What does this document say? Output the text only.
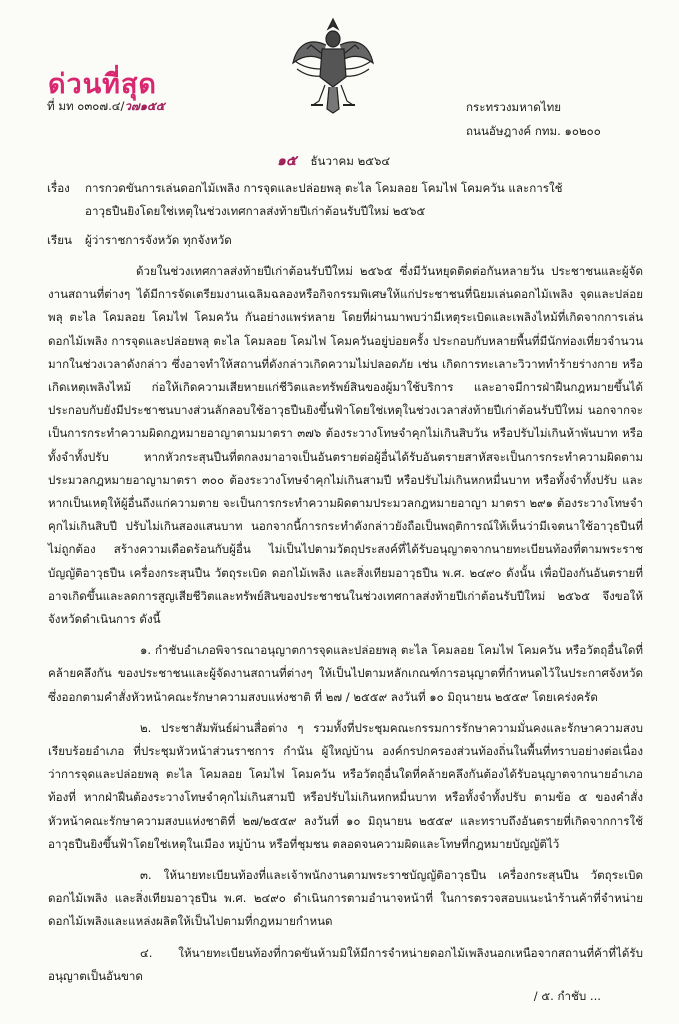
ด่วนที่สุด
ที่ มท ๐๓๐๗.๔/ว๗๑๕๕	กระทรวงมหาดไทย
ถนนอัษฎางค์ กทม. ๑๐๒๐๐
๑๕ ธันวาคม ๒๕๖๔
เรื่อง การกวดขันการเล่นดอกไม้เพลิง การจุดและปล่อยพลุ ตะไล โคมลอย โคมไฟ โคมควัน และการใช้
อาวุธปืนยิงโดยใช่เหตุในช่วงเทศกาลส่งท้ายปีเก่าต้อนรับปีใหม่ ๒๕๖๕
เรียน ผู้ว่าราชการจังหวัด ทุกจังหวัด
ด้วยในช่วงเทศกาลส่งท้ายปีเก่าต้อนรับปีใหม่ ๒๕๖๕ ซึ่งมีวันหยุดติดต่อกันหลายวัน ประชาชนและผู้จัดงานสถานที่ต่างๆ ได้มีการจัดเตรียมงานเฉลิมฉลองหรือกิจกรรมพิเศษให้แก่ประชาชนที่นิยมเล่นดอกไม้เพลิง จุดและปล่อยพลุ ตะไล โคมลอย โคมไฟ โคมควัน กันอย่างแพร่หลาย โดยที่ผ่านมาพบว่ามีเหตุระเบิดและเพลิงไหม้ที่เกิดจากการเล่นดอกไม้เพลิง การจุดและปล่อยพลุ ตะไล โคมลอย โคมไฟ โคมควันอยู่บ่อยครั้ง ประกอบกับหลายพื้นที่มีนักท่องเที่ยวจำนวนมากในช่วงเวลาดังกล่าว ซึ่งอาจทำให้สถานที่ดังกล่าวเกิดความไม่ปลอดภัย เช่น เกิดการทะเลาะวิวาททำร้ายร่างกาย หรือเกิดเหตุเพลิงไหม้ ก่อให้เกิดความเสียหายแก่ชีวิตและทรัพย์สินของผู้มาใช้บริการ และอาจมีการฝ่าฝืนกฎหมายขึ้นได้ ประกอบกับยังมีประชาชนบางส่วนลักลอบใช้อาวุธปืนยิงขึ้นฟ้าโดยใช่เหตุในช่วงเวลาส่งท้ายปีเก่าต้อนรับปีใหม่ นอกจากจะเป็นการกระทำความผิดกฎหมายอาญาตามมาตรา ๓๗๖ ต้องระวางโทษจำคุกไม่เกินสิบวัน หรือปรับไม่เกินห้าพันบาท หรือทั้งจำทั้งปรับ หากหัวกระสุนปืนที่ตกลงมาอาจเป็นอันตรายต่อผู้อื่นได้รับอันตรายสาหัสจะเป็นการกระทำความผิดตามประมวลกฎหมายอาญามาตรา ๓๐๐ ต้องระวางโทษจำคุกไม่เกินสามปี หรือปรับไม่เกินหกหมื่นบาท หรือทั้งจำทั้งปรับ และหากเป็นเหตุให้ผู้อื่นถึงแก่ความตาย จะเป็นการกระทำความผิดตามประมวลกฎหมายอาญา มาตรา ๒๙๑ ต้องระวางโทษจำคุกไม่เกินสิบปี ปรับไม่เกินสองแสนบาท นอกจากนี้การกระทำดังกล่าวยังถือเป็นพฤติการณ์ให้เห็นว่ามีเจตนาใช้อาวุธปืนที่ไม่ถูกต้อง สร้างความเดือดร้อนกับผู้อื่น ไม่เป็นไปตามวัตถุประสงค์ที่ได้รับอนุญาตจากนายทะเบียนท้องที่ตามพระราชบัญญัติอาวุธปืน เครื่องกระสุนปืน วัตถุระเบิด ดอกไม้เพลิง และสิ่งเทียมอาวุธปืน พ.ศ. ๒๔๙๐ ดังนั้น เพื่อป้องกันอันตรายที่อาจเกิดขึ้นและลดการสูญเสียชีวิตและทรัพย์สินของประชาชนในช่วงเทศกาลส่งท้ายปีเก่าต้อนรับปีใหม่ ๒๕๖๕ จึงขอให้จังหวัดดำเนินการ ดังนี้
๑. กำชับอำเภอพิจารณาอนุญาตการจุดและปล่อยพลุ ตะไล โคมลอย โคมไฟ โคมควัน หรือวัตถุอื่นใดที่คล้ายคลึงกัน ของประชาชนและผู้จัดงานสถานที่ต่างๆ ให้เป็นไปตามหลักเกณฑ์การอนุญาตที่กำหนดไว้ในประกาศจังหวัดซึ่งออกตามคำสั่งหัวหน้าคณะรักษาความสงบแห่งชาติ ที่ ๒๗ / ๒๕๕๙ ลงวันที่ ๑๐ มิถุนายน ๒๕๕๙ โดยเคร่งครัด
๒. ประชาสัมพันธ์ผ่านสื่อต่าง ๆ รวมทั้งที่ประชุมคณะกรรมการรักษาความมั่นคงและรักษาความสงบเรียบร้อยอำเภอ ที่ประชุมหัวหน้าส่วนราชการ กำนัน ผู้ใหญ่บ้าน องค์กรปกครองส่วนท้องถิ่นในพื้นที่ทราบอย่างต่อเนื่องว่าการจุดและปล่อยพลุ ตะไล โคมลอย โคมไฟ โคมควัน หรือวัตถุอื่นใดที่คล้ายคลึงกันต้องได้รับอนุญาตจากนายอำเภอท้องที่ หากฝ่าฝืนต้องระวางโทษจำคุกไม่เกินสามปี หรือปรับไม่เกินหกหมื่นบาท หรือทั้งจำทั้งปรับ ตามข้อ ๕ ของคำสั่งหัวหน้าคณะรักษาความสงบแห่งชาติที่ ๒๗/๒๕๕๙ ลงวันที่ ๑๐ มิถุนายน ๒๕๕๙ และทราบถึงอันตรายที่เกิดจากการใช้อาวุธปืนยิงขึ้นฟ้าโดยใช่เหตุในเมือง หมู่บ้าน หรือที่ชุมชน ตลอดจนความผิดและโทษที่กฎหมายบัญญัติไว้
๓. ให้นายทะเบียนท้องที่และเจ้าพนักงานตามพระราชบัญญัติอาวุธปืน เครื่องกระสุนปืน วัตถุระเบิด ดอกไม้เพลิง และสิ่งเทียมอาวุธปืน พ.ศ. ๒๔๙๐ ดำเนินการตามอำนาจหน้าที่ ในการตรวจสอบแนะนำร้านค้าที่จำหน่ายดอกไม้เพลิงและแหล่งผลิตให้เป็นไปตามที่กฎหมายกำหนด
๔. ให้นายทะเบียนท้องที่กวดขันห้ามมิให้มีการจำหน่ายดอกไม้เพลิงนอกเหนือจากสถานที่ค้าที่ได้รับอนุญาตเป็นอันขาด
/ ๕. กำชับ ...
